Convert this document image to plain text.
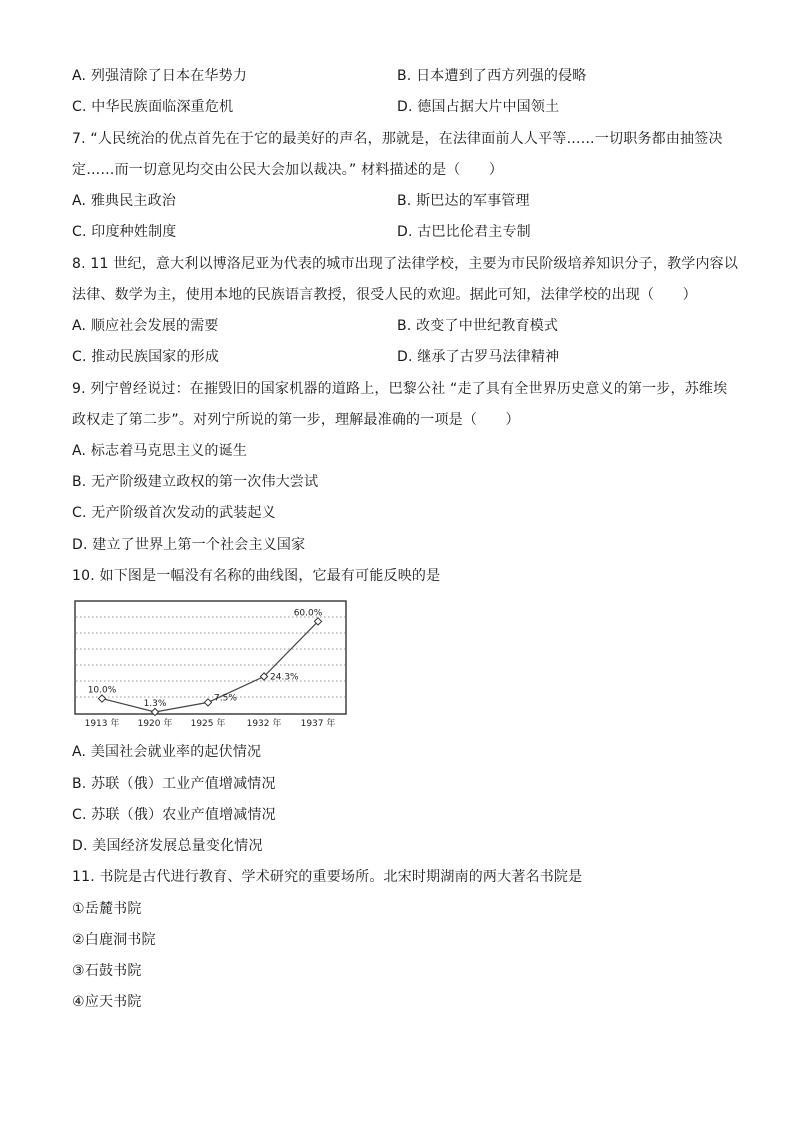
A. 列强清除了日本在华势力	B. 日本遭到了西方列强的侵略
C. 中华民族面临深重危机	D. 德国占据大片中国领土
7. “人民统治的优点首先在于它的最美好的声名，那就是，在法律面前人人平等……一切职务都由抽签决
定……而一切意见均交由公民大会加以裁决。” 材料描述的是（　　）
A. 雅典民主政治	B. 斯巴达的军事管理
C. 印度种姓制度	D. 古巴比伦君主专制
8. 11 世纪，意大利以博洛尼亚为代表的城市出现了法律学校，主要为市民阶级培养知识分子，教学内容以
法律、数学为主，使用本地的民族语言教授，很受人民的欢迎。据此可知，法律学校的出现（　　）
A. 顺应社会发展的需要	B. 改变了中世纪教育模式
C. 推动民族国家的形成	D. 继承了古罗马法律精神
9. 列宁曾经说过：在摧毁旧的国家机器的道路上，巴黎公社 “走了具有全世界历史意义的第一步，苏维埃
政权走了第二步”。对列宁所说的第一步，理解最准确的一项是（　　）
A. 标志着马克思主义的诞生
B. 无产阶级建立政权的第一次伟大尝试
C. 无产阶级首次发动的武装起义
D. 建立了世界上第一个社会主义国家
10. 如下图是一幅没有名称的曲线图，它最有可能反映的是
10.0%
1.3%
7.5%
24.3%
60.0%
1913 年 1920 年 1925 年 1932 年 1937 年
A. 美国社会就业率的起伏情况
B. 苏联（俄）工业产值增减情况
C. 苏联（俄）农业产值增减情况
D. 美国经济发展总量变化情况
11. 书院是古代进行教育、学术研究的重要场所。北宋时期湖南的两大著名书院是
①岳麓书院
②白鹿洞书院
③石鼓书院
④应天书院
